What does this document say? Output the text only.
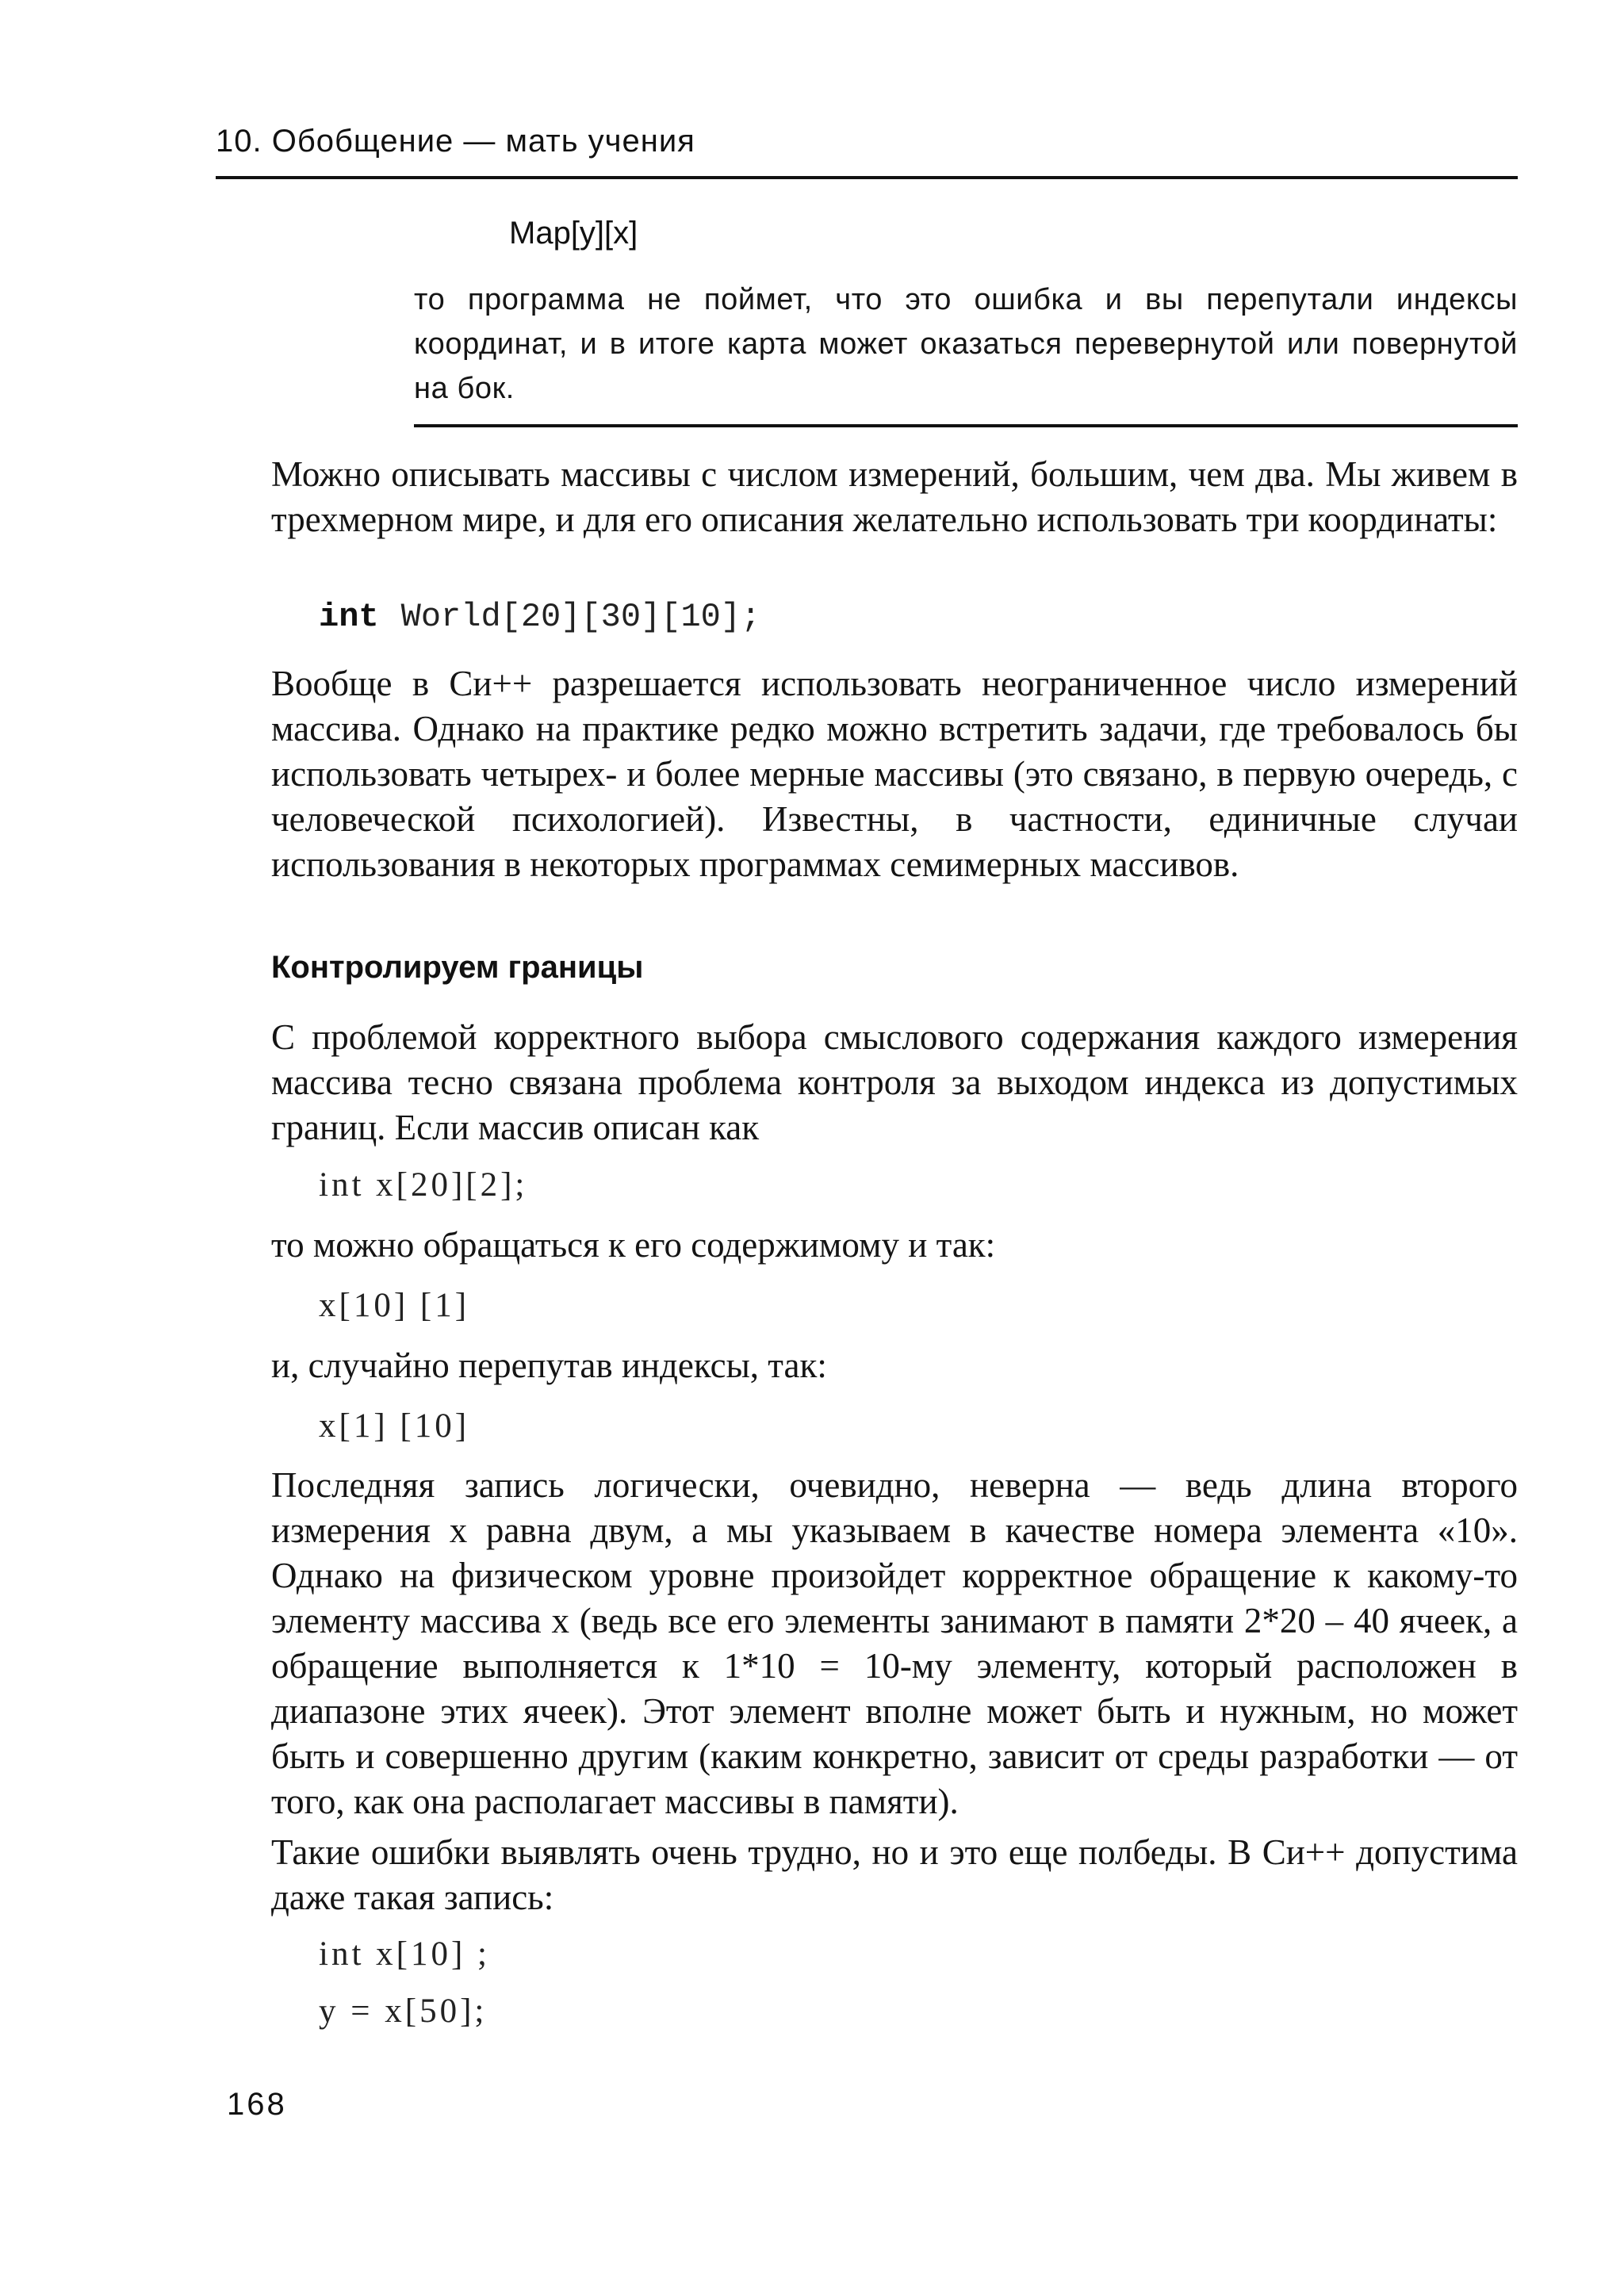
10. Обобщение — мать учения
Map[y][x]
то программа не поймет, что это ошибка и вы перепутали индексы координат, и в итоге карта может оказаться перевернутой или повернутой на бок.
Можно описывать массивы с числом измерений, большим, чем два. Мы живем в трехмерном мире, и для его описания желательно использовать три координаты:
int World[20][30][10];
Вообще в Си++ разрешается использовать неограниченное число измерений массива. Однако на практике редко можно встретить задачи, где требовалось бы использовать четырех- и более мерные массивы (это связано, в первую очередь, с человеческой психологией). Известны, в частности, единичные случаи использования в некоторых программах семимерных массивов.
Контролируем границы
С проблемой корректного выбора смыслового содержания каждого измерения массива тесно связана проблема контроля за выходом индекса из допустимых границ. Если массив описан как
int x[20][2];
то можно обращаться к его содержимому и так:
x[10] [1]
и, случайно перепутав индексы, так:
x[1] [10]
Последняя запись логически, очевидно, неверна — ведь длина второго измерения x равна двум, а мы указываем в качестве номера элемента «10». Однако на физическом уровне произойдет корректное обращение к какому-то элементу массива x (ведь все его элементы занимают в памяти 2*20 – 40 ячеек, а обращение выполняется к 1*10 = 10-му элементу, который расположен в диапазоне этих ячеек). Этот элемент вполне может быть и нужным, но может быть и совершенно другим (каким конкретно, зависит от среды разработки — от того, как она располагает массивы в памяти).
Такие ошибки выявлять очень трудно, но и это еще полбеды. В Си++ допустима даже такая запись:
int x[10] ;
y = x[50];
168
